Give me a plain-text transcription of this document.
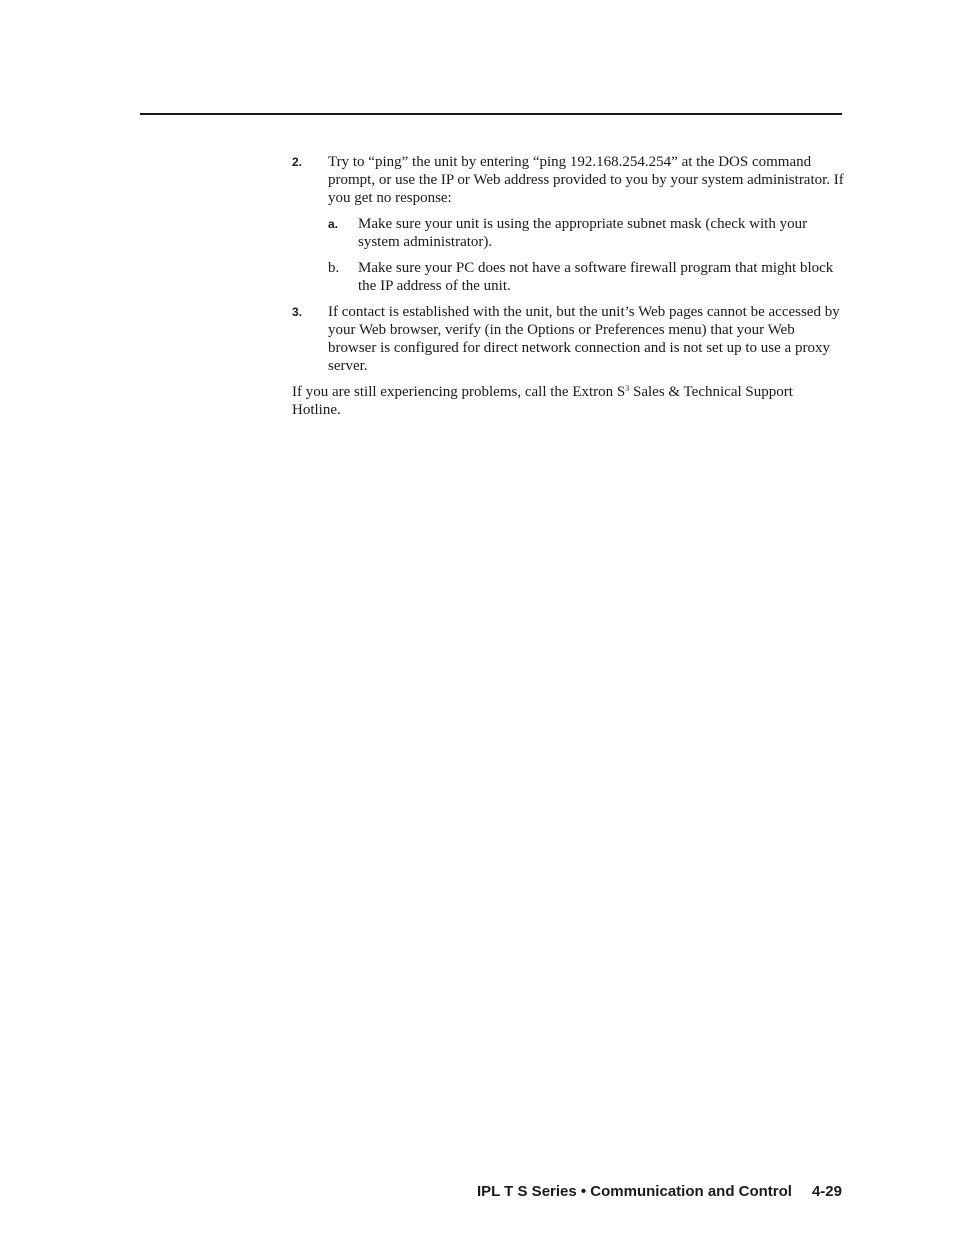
2. Try to “ping” the unit by entering “ping 192.168.254.254” at the DOS command prompt, or use the IP or Web address provided to you by your system administrator. If you get no response:
a. Make sure your unit is using the appropriate subnet mask (check with your system administrator).
b. Make sure your PC does not have a software firewall program that might block the IP address of the unit.
3. If contact is established with the unit, but the unit’s Web pages cannot be accessed by your Web browser, verify (in the Options or Preferences menu) that your Web browser is configured for direct network connection and is not set up to use a proxy server.
If you are still experiencing problems, call the Extron $S^3$ Sales & Technical Support Hotline.
IPL T S Series • Communication and Control 4-29
